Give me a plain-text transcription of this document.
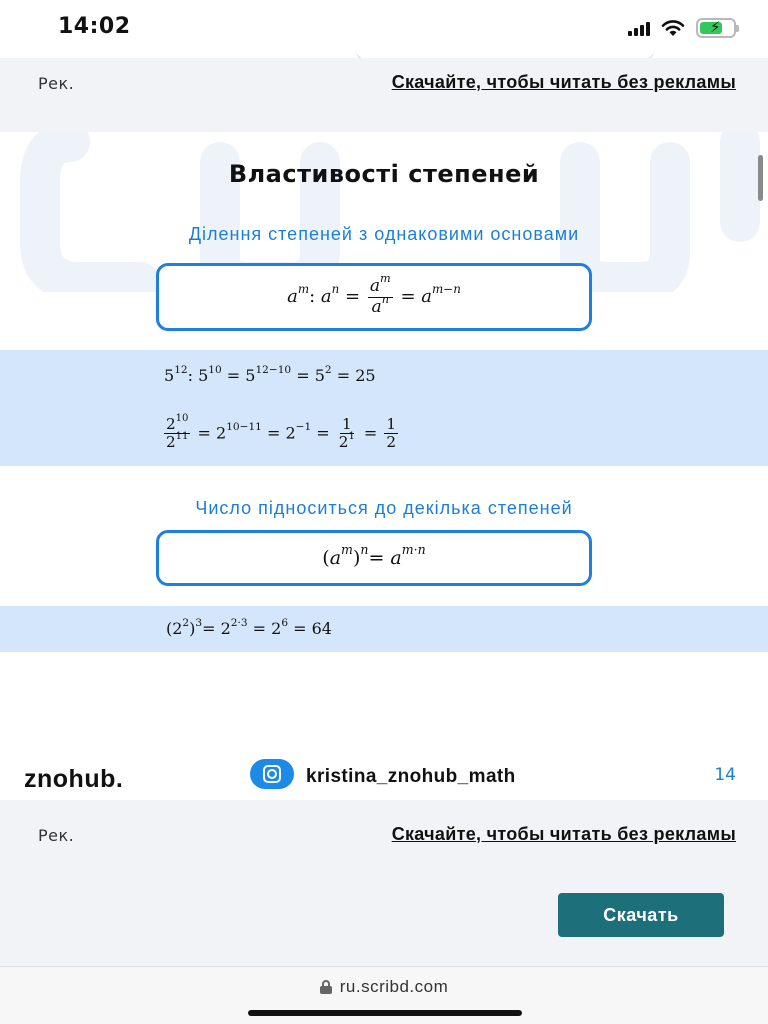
14:02	⚡
Рек.	Скачайте, чтобы читать без рекламы
Властивості степеней
Ділення степеней з однаковими основами
$a^m$: $a^n = \frac{a^m}{a^n} = a^{m-n}$
$5^{12}$: $5^{10} = 5^{12-10} = 5^2 = 25$
$\frac{2^{10}}{2^{11}} = 2^{10-11} = 2^{-1} = \frac{1}{2^1} = \frac{1}{2}$
Число підноситься до декілька степеней
$(a^m)^n= a^{m\cdot n}$
$(2^2)^3= 2^{2\cdot 3} = 2^6 = 64$
znohub.	kristina_znohub_math	14
Рек.	Скачайте, чтобы читать без рекламы
Скачать
ru.scribd.com
